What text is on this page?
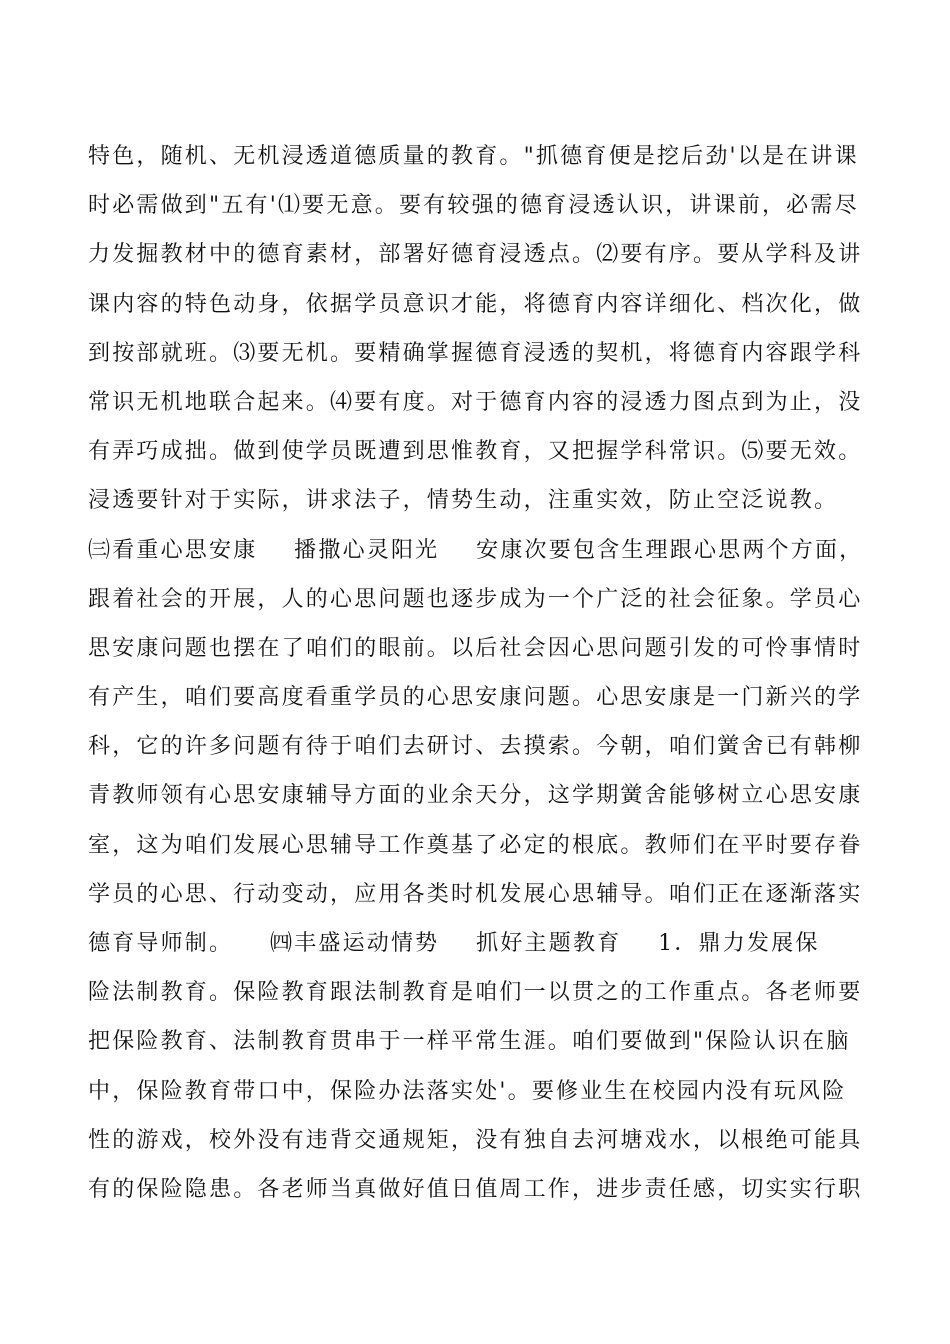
特色，随机、无机浸透道德质量的教育。"抓德育便是挖后劲'以是在讲课
时必需做到"五有'⑴要无意。要有较强的德育浸透认识，讲课前，必需尽
力发掘教材中的德育素材，部署好德育浸透点。⑵要有序。要从学科及讲
课内容的特色动身，依据学员意识才能，将德育内容详细化、档次化，做
到按部就班。⑶要无机。要精确掌握德育浸透的契机，将德育内容跟学科
常识无机地联合起来。⑷要有度。对于德育内容的浸透力图点到为止，没
有弄巧成拙。做到使学员既遭到思惟教育，又把握学科常识。⑸要无效。
浸透要针对于实际，讲求法子，情势生动，注重实效，防止空泛说教。
㈢看重心思安康    播撒心灵阳光    安康次要包含生理跟心思两个方面，
跟着社会的开展，人的心思问题也逐步成为一个广泛的社会征象。学员心
思安康问题也摆在了咱们的眼前。以后社会因心思问题引发的可怜事情时
有产生，咱们要高度看重学员的心思安康问题。心思安康是一门新兴的学
科，它的许多问题有待于咱们去研讨、去摸索。今朝，咱们黉舍已有韩柳
青教师领有心思安康辅导方面的业余天分，这学期黉舍能够树立心思安康
室，这为咱们发展心思辅导工作奠基了必定的根底。教师们在平时要存眷
学员的心思、行动变动，应用各类时机发展心思辅导。咱们正在逐渐落实
德育导师制。    ㈣丰盛运动情势    抓好主题教育    1．鼎力发展保
险法制教育。保险教育跟法制教育是咱们一以贯之的工作重点。各老师要
把保险教育、法制教育贯串于一样平常生涯。咱们要做到"保险认识在脑
中，保险教育带口中，保险办法落实处'。要修业生在校园内没有玩风险
性的游戏，校外没有违背交通规矩，没有独自去河塘戏水，以根绝可能具
有的保险隐患。各老师当真做好值日值周工作，进步责任感，切实实行职
